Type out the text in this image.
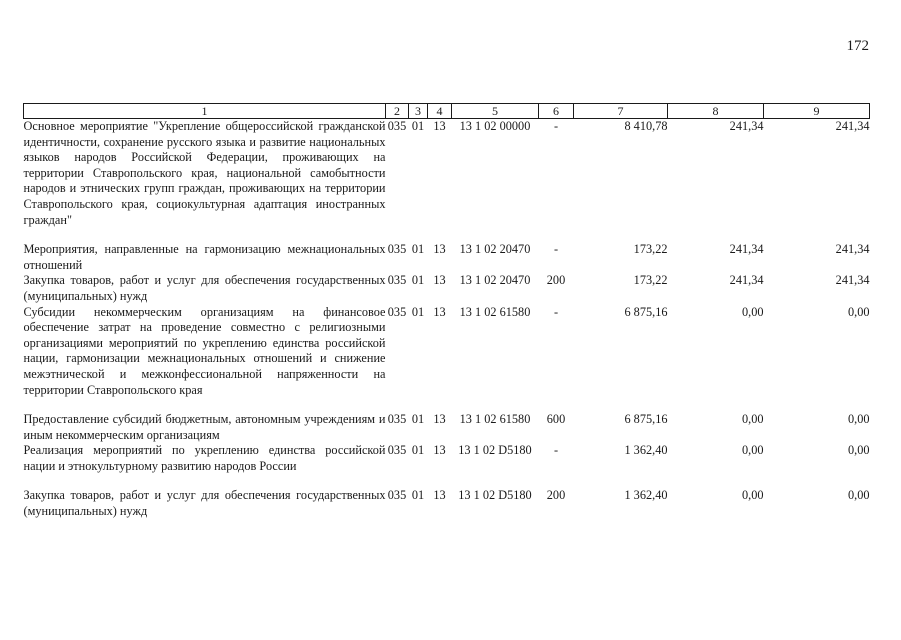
172
1	2	3	4	5	6	7	8	9
Основное мероприятие "Укрепление общероссийской гражданской идентичности, сохранение русского языка и развитие национальных языков народов Российской Федерации, проживающих на территории Ставропольского края, национальной самобытности народов и этнических групп граждан, проживающих на территории Ставропольского края, социокультурная адаптация иностранных граждан"	035	01	13	13 1 02 00000	-	8 410,78	241,34	241,34

Мероприятия, направленные на гармонизацию межнациональных отношений	035	01	13	13 1 02 20470	-	173,22	241,34	241,34
Закупка товаров, работ и услуг для обеспечения государственных (муниципальных) нужд	035	01	13	13 1 02 20470	200	173,22	241,34	241,34
Субсидии некоммерческим организациям на финансовое обеспечение затрат на проведение совместно с религиозными организациями мероприятий по укреплению единства российской нации, гармонизации межнациональных отношений и снижение межэтнической и межконфессиональной напряженности на территории Ставропольского края	035	01	13	13 1 02 61580	-	6 875,16	0,00	0,00

Предоставление субсидий бюджетным, автономным учреждениям и иным некоммерческим организациям	035	01	13	13 1 02 61580	600	6 875,16	0,00	0,00
Реализация мероприятий по укреплению единства российской нации и этнокультурному развитию народов России	035	01	13	13 1 02 D5180	-	1 362,40	0,00	0,00

Закупка товаров, работ и услуг для обеспечения государственных (муниципальных) нужд	035	01	13	13 1 02 D5180	200	1 362,40	0,00	0,00
